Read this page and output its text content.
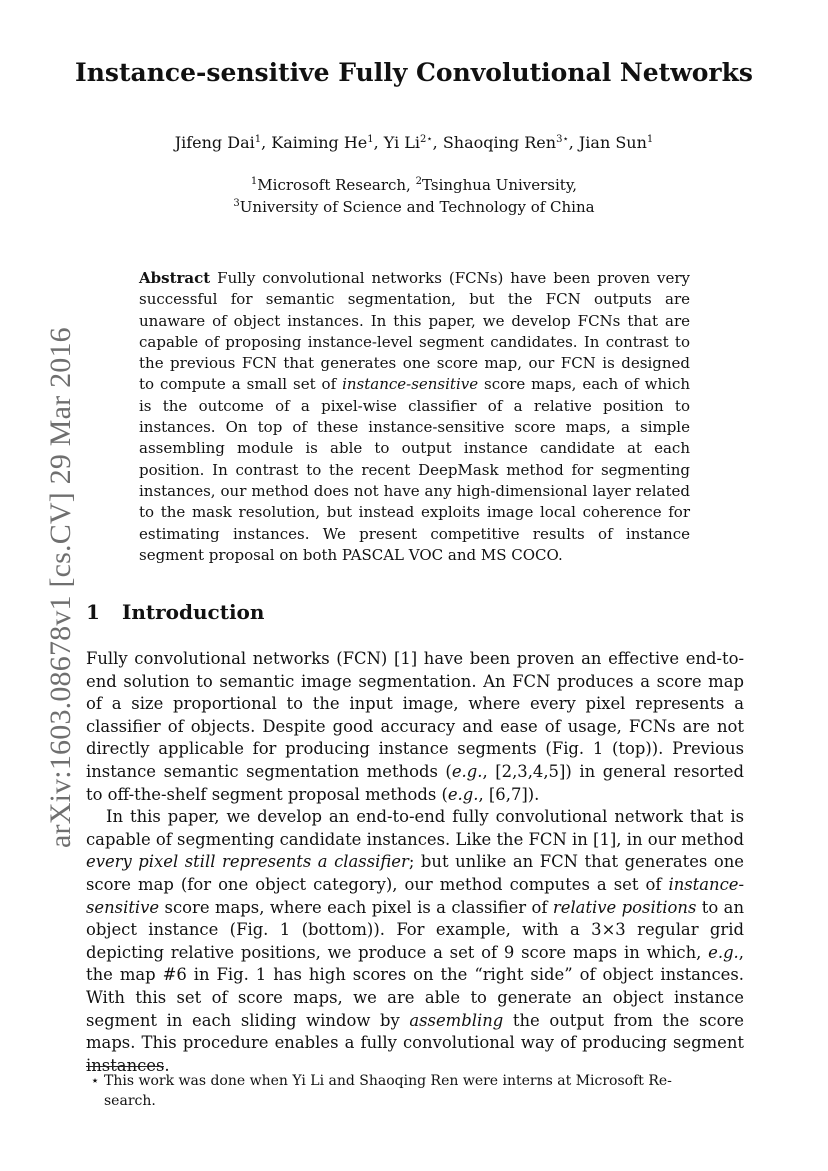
arXiv:1603.08678v1 [cs.CV] 29 Mar 2016
Instance-sensitive Fully Convolutional Networks
Jifeng Dai$^1$, Kaiming He$^1$, Yi $Li^{2⋆}$, Shaoqing Ren$^{3⋆}$, Jian Sun$^1$
$^1$Microsoft Research, $^2$Tsinghua University,
$^3$University of Science and Technology of China
Abstract Fully convolutional networks (FCNs) have been proven very successful for semantic segmentation, but the FCN outputs are unaware of object instances. In this paper, we develop FCNs that are capable of proposing instance-level segment candidates. In contrast to the previous FCN that generates one score map, our FCN is designed to compute a small set of instance-sensitive score maps, each of which is the outcome of a pixel-wise classifier of a relative position to instances. On top of these instance-sensitive score maps, a simple assembling module is able to output instance candidate at each position. In contrast to the recent DeepMask method for segmenting instances, our method does not have any high-dimensional layer related to the mask resolution, but instead exploits image local coherence for estimating instances. We present competitive results of instance segment proposal on both PASCAL VOC and MS COCO.
1 Introduction

Fully convolutional networks (FCN) [1] have been proven an effective end-to-end solution to semantic image segmentation. An FCN produces a score map of a size proportional to the input image, where every pixel represents a classifier of objects. Despite good accuracy and ease of usage, FCNs are not directly applicable for producing instance segments (Fig. 1 (top)). Previous instance semantic segmentation methods (e.g., [2,3,4,5]) in general resorted to off-the-shelf segment proposal methods (e.g., [6,7]).

In this paper, we develop an end-to-end fully convolutional network that is capable of segmenting candidate instances. Like the FCN in [1], in our method every pixel still represents a classifier; but unlike an FCN that generates one score map (for one object category), our method computes a set of instance-sensitive score maps, where each pixel is a classifier of relative positions to an object instance (Fig. 1 (bottom)). For example, with a 3×3 regular grid depicting relative positions, we produce a set of 9 score maps in which, e.g., the map #6 in Fig. 1 has high scores on the “right side” of object instances. With this set of score maps, we are able to generate an object instance segment in each sliding window by assembling the output from the score maps. This procedure enables a fully convolutional way of producing segment instances.

⋆ This work was done when Yi Li and Shaoqing Ren were interns at Microsoft Re-
search.
